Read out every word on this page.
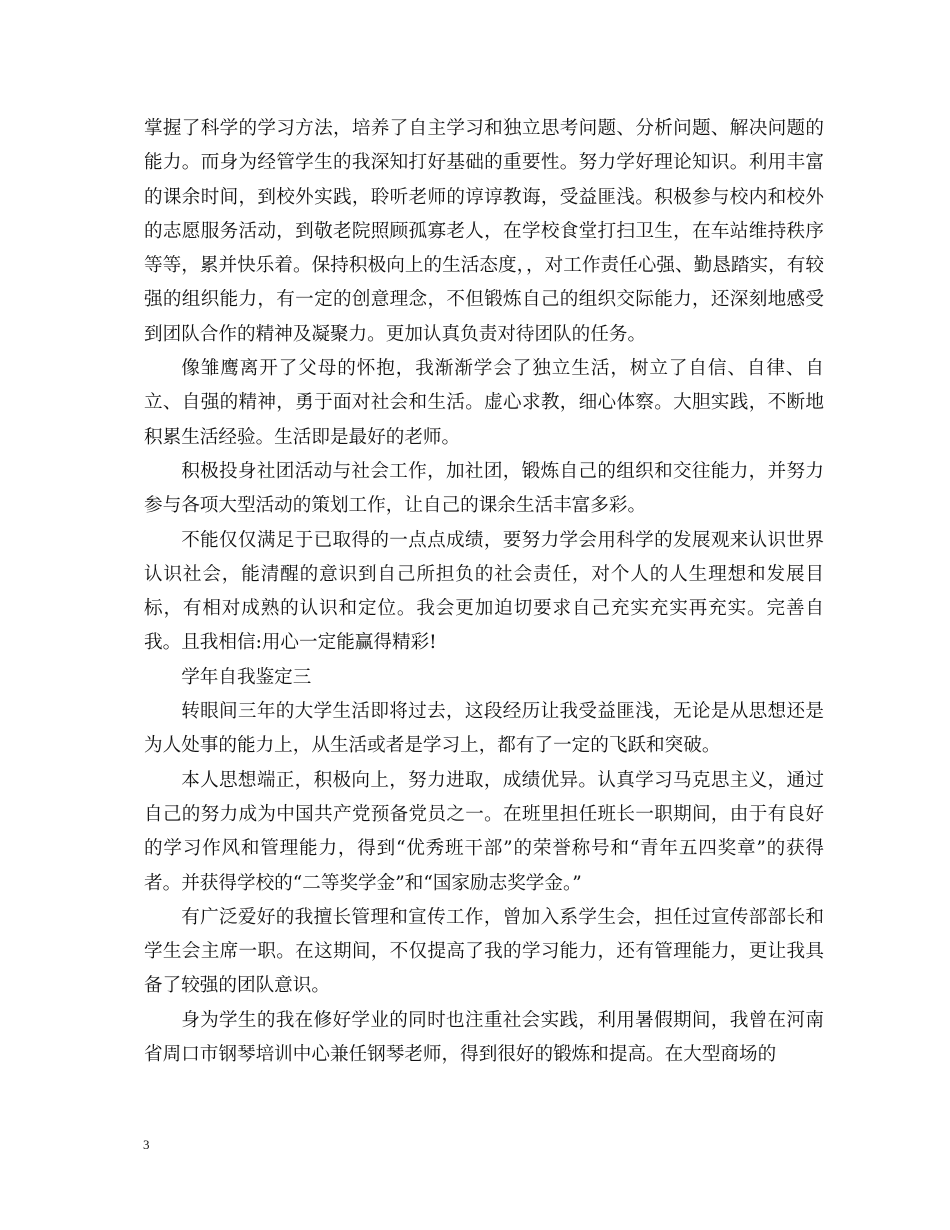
掌握了科学的学习方法，培养了自主学习和独立思考问题、分析问题、解决问题的能力。而身为经管学生的我深知打好基础的重要性。努力学好理论知识。利用丰富的课余时间，到校外实践，聆听老师的谆谆教诲，受益匪浅。积极参与校内和校外的志愿服务活动，到敬老院照顾孤寡老人，在学校食堂打扫卫生，在车站维持秩序等等，累并快乐着。保持积极向上的生活态度，，对工作责任心强、勤恳踏实，有较强的组织能力，有一定的创意理念，不但锻炼自己的组织交际能力，还深刻地感受到团队合作的精神及凝聚力。更加认真负责对待团队的任务。

像雏鹰离开了父母的怀抱，我渐渐学会了独立生活，树立了自信、自律、自立、自强的精神，勇于面对社会和生活。虚心求教，细心体察。大胆实践，不断地积累生活经验。生活即是最好的老师。

积极投身社团活动与社会工作，加社团，锻炼自己的组织和交往能力，并努力参与各项大型活动的策划工作，让自己的课余生活丰富多彩。

不能仅仅满足于已取得的一点点成绩，要努力学会用科学的发展观来认识世界认识社会，能清醒的意识到自己所担负的社会责任，对个人的人生理想和发展目标，有相对成熟的认识和定位。我会更加迫切要求自己充实充实再充实。完善自我。且我相信:用心一定能赢得精彩!

学年自我鉴定三

转眼间三年的大学生活即将过去，这段经历让我受益匪浅，无论是从思想还是为人处事的能力上，从生活或者是学习上，都有了一定的飞跃和突破。

本人思想端正，积极向上，努力进取，成绩优异。认真学习马克思主义，通过自己的努力成为中国共产党预备党员之一。在班里担任班长一职期间，由于有良好的学习作风和管理能力，得到“优秀班干部”的荣誉称号和“青年五四奖章”的获得者。并获得学校的“二等奖学金”和“国家励志奖学金。”

有广泛爱好的我擅长管理和宣传工作，曾加入系学生会，担任过宣传部部长和学生会主席一职。在这期间，不仅提高了我的学习能力，还有管理能力，更让我具备了较强的团队意识。

身为学生的我在修好学业的同时也注重社会实践，利用暑假期间，我曾在河南省周口市钢琴培训中心兼任钢琴老师，得到很好的锻炼和提高。在大型商场的

3
